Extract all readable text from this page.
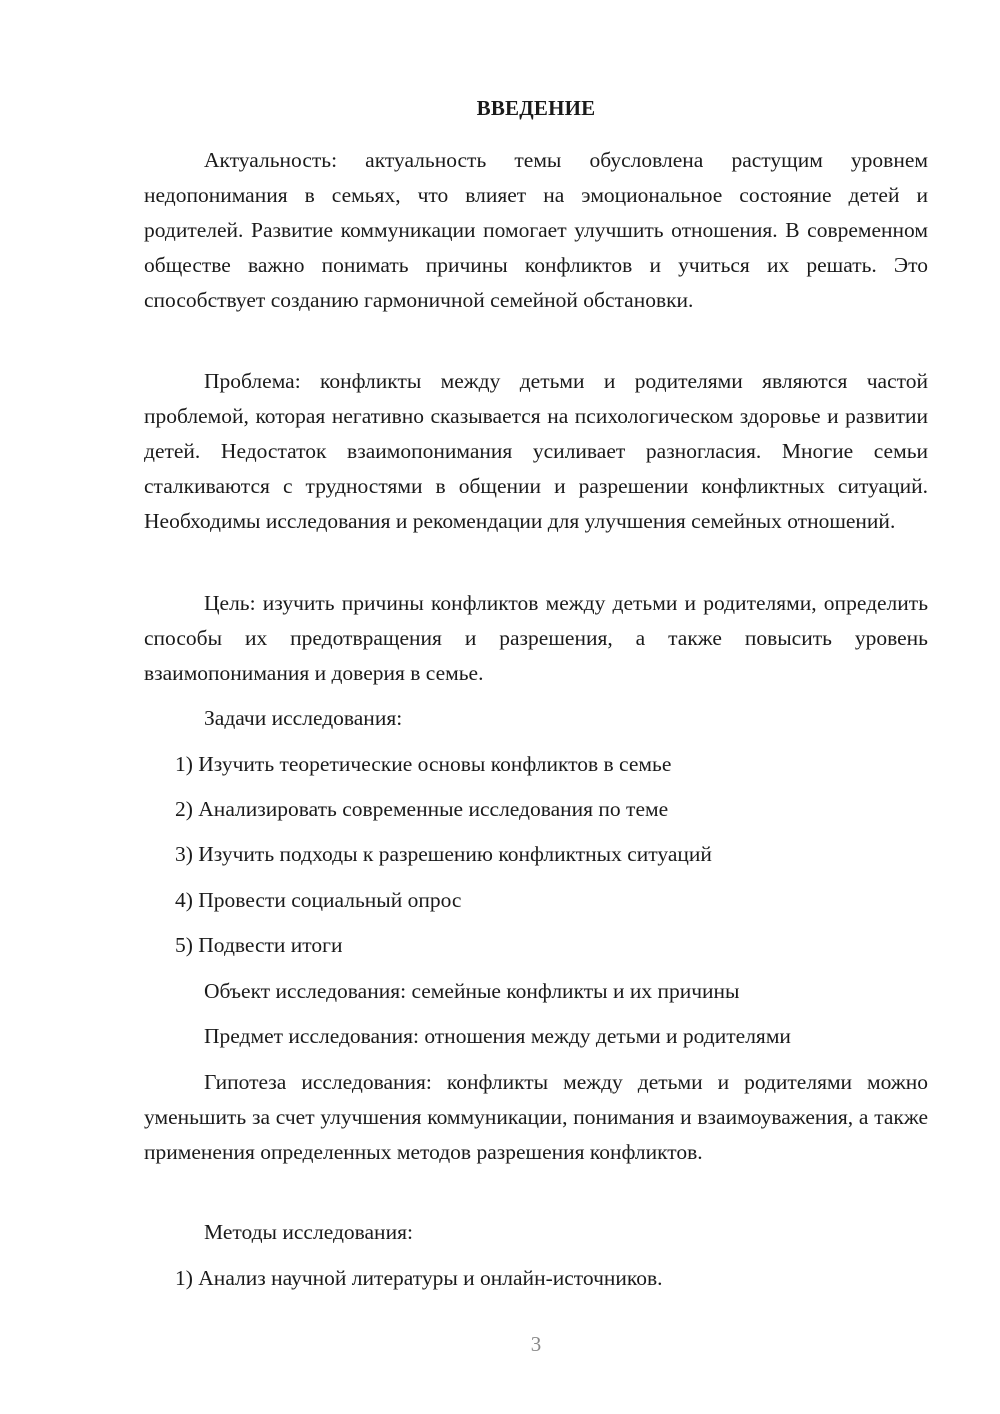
ВВЕДЕНИЕ

Актуальность: актуальность темы обусловлена растущим уровнем недопонимания в семьях, что влияет на эмоциональное состояние детей и родителей. Развитие коммуникации помогает улучшить отношения. В современном обществе важно понимать причины конфликтов и учиться их решать. Это способствует созданию гармоничной семейной обстановки.

Проблема: конфликты между детьми и родителями являются частой проблемой, которая негативно сказывается на психологическом здоровье и развитии детей. Недостаток взаимопонимания усиливает разногласия. Многие семьи сталкиваются с трудностями в общении и разрешении конфликтных ситуаций. Необходимы исследования и рекомендации для улучшения семейных отношений.

Цель: изучить причины конфликтов между детьми и родителями, определить способы их предотвращения и разрешения, а также повысить уровень взаимопонимания и доверия в семье.

Задачи исследования:

1) Изучить теоретические основы конфликтов в семье

2) Анализировать современные исследования по теме

3) Изучить подходы к разрешению конфликтных ситуаций

4) Провести социальный опрос

5) Подвести итоги

Объект исследования: семейные конфликты и их причины

Предмет исследования: отношения между детьми и родителями

Гипотеза исследования: конфликты между детьми и родителями можно уменьшить за счет улучшения коммуникации, понимания и взаимоуважения, а также применения определенных методов разрешения конфликтов.

Методы исследования:

1) Анализ научной литературы и онлайн-источников.

3
